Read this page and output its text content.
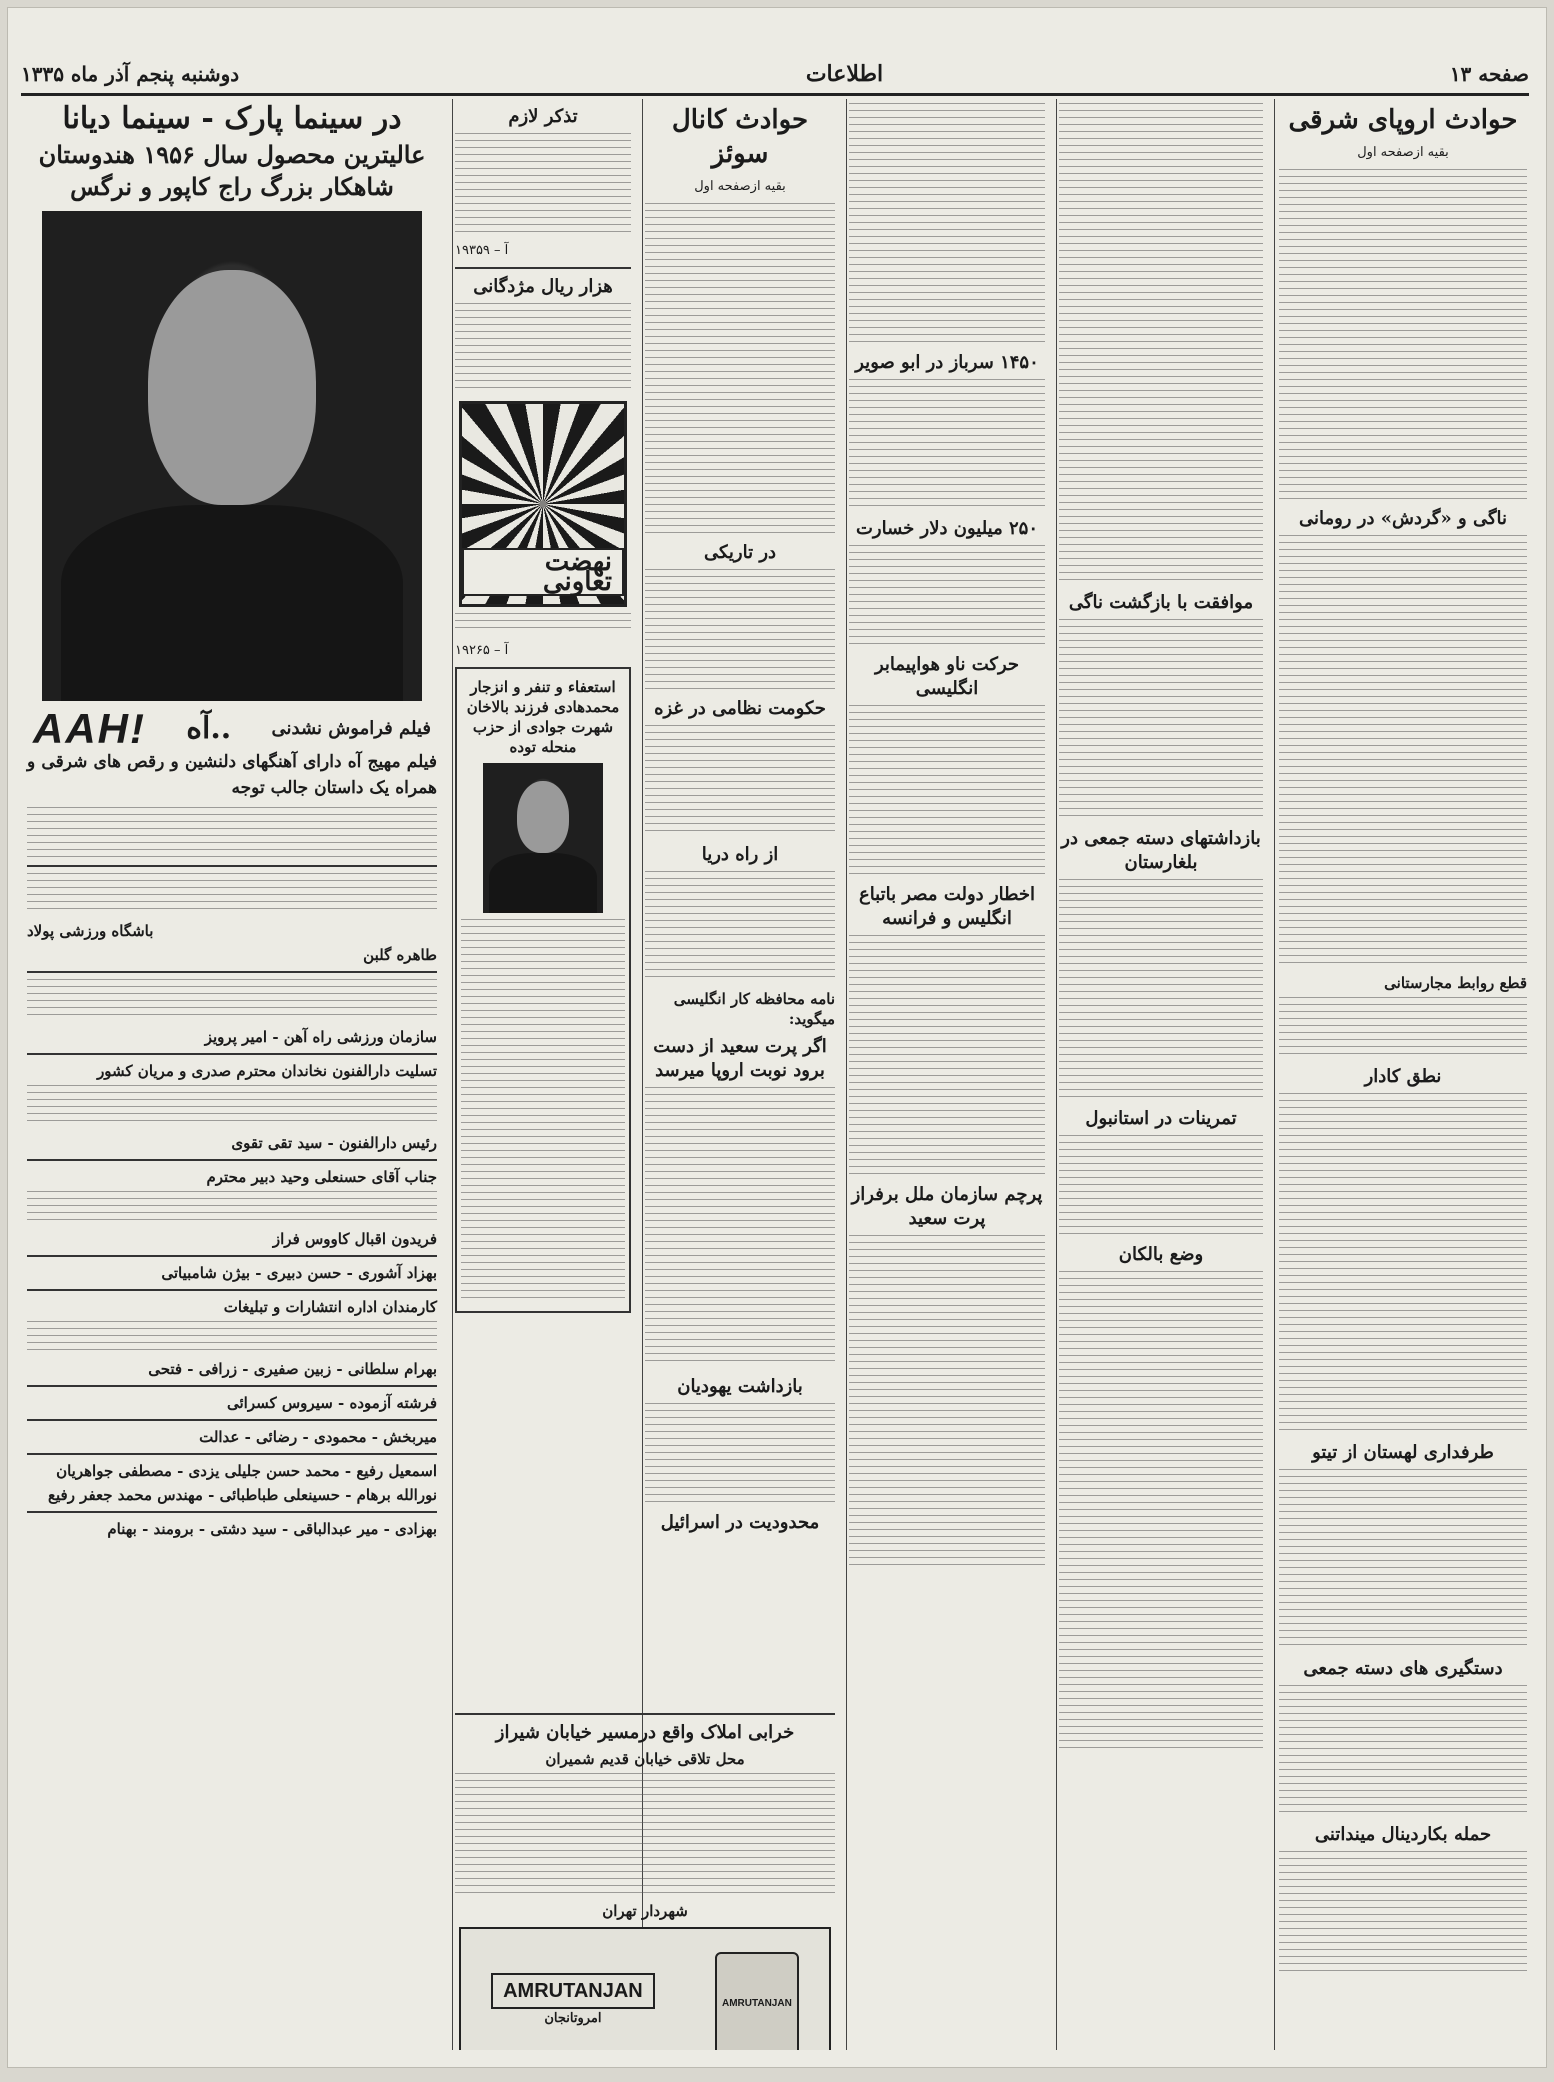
صفحه ۱۳
اطلاعات
دوشنبه پنجم آذر ماه ۱۳۳۵
حوادث اروپای شرقی

بقیه ازصفحه اول

ناگی و «گردش» در رومانی
قطع روابط مجارستانی
نطق کادار
طرفداری لهستان از تیتو
دستگیری های دسته جمعی
حمله بکاردینال مینداتنی
موافقت با بازگشت ناگی
بازداشتهای دسته جمعی در بلغارستان
تمرینات در استانبول
وضع بالکان
۱۴۵۰ سرباز در ابو صویر
۲۵۰ میلیون دلار خسارت
حرکت ناو هواپیمابر انگلیسی
اخطار دولت مصر باتباع انگلیس و فرانسه
پرچم سازمان ملل برفراز پرت سعید
حوادث کانال سوئز

بقیه ازصفحه اول

در تاریکی
حکومت نظامی در غزه
از راه دریا
نامه محافظه کار انگلیسی میگوید:
اگر پرت سعید از دست برود نوبت اروپا میرسد
بازداشت یهودیان
محدودیت در اسرائیل
تذکر لازم

آ – ۱۹۳۵۹

هزار ریال مژدگانی
نهضت تعاونی

آ – ۱۹۲۶۵

استعفاء و تنفر و انزجار محمدهادی فرزند بالاخان شهرت جوادی از حزب منحله توده
خرابی املاک واقع درمسیر خیابان شیراز
محل تلاقی خیابان قدیم شمیران
شهردار تهران
AMRUTANJAN
AMRUTANJAN

امروتانجان

در سینما پارک - سینما دیانا
عالیترین محصول سال ۱۹۵۶ هندوستان
شاهکار بزرگ راج کاپور و نرگس
AAH! آه.. فیلم فراموش نشدنی

فیلم مهیج آه دارای آهنگهای دلنشین و رقص های شرقی و همراه یک داستان جالب توجه

باشگاه ورزشی پولاد
طاهره گلبن
سازمان ورزشی راه آهن - امیر پرویز
تسلیت دارالفنون نخاندان محترم صدری و مریان کشور
رئیس دارالفنون - سید تقی تقوی
جناب آقای حسنعلی وحید دبیر محترم
فریدون اقبال کاووس فراز
بهزاد آشوری - حسن دبیری - بیژن شامبیاتی
کارمندان اداره انتشارات و تبلیغات
بهرام سلطانی - زبین صفیری - زرافی - فتحی
فرشته آزموده - سیروس کسرائی
میربخش - محمودی - رضائی - عدالت
اسمعیل رفیع - محمد حسن جلیلی یزدی - مصطفی جواهریان
نورالله برهام - حسینعلی طباطبائی - مهندس محمد جعفر رفیع
بهزادی - میر عبدالباقی - سید دشتی - برومند - بهنام
